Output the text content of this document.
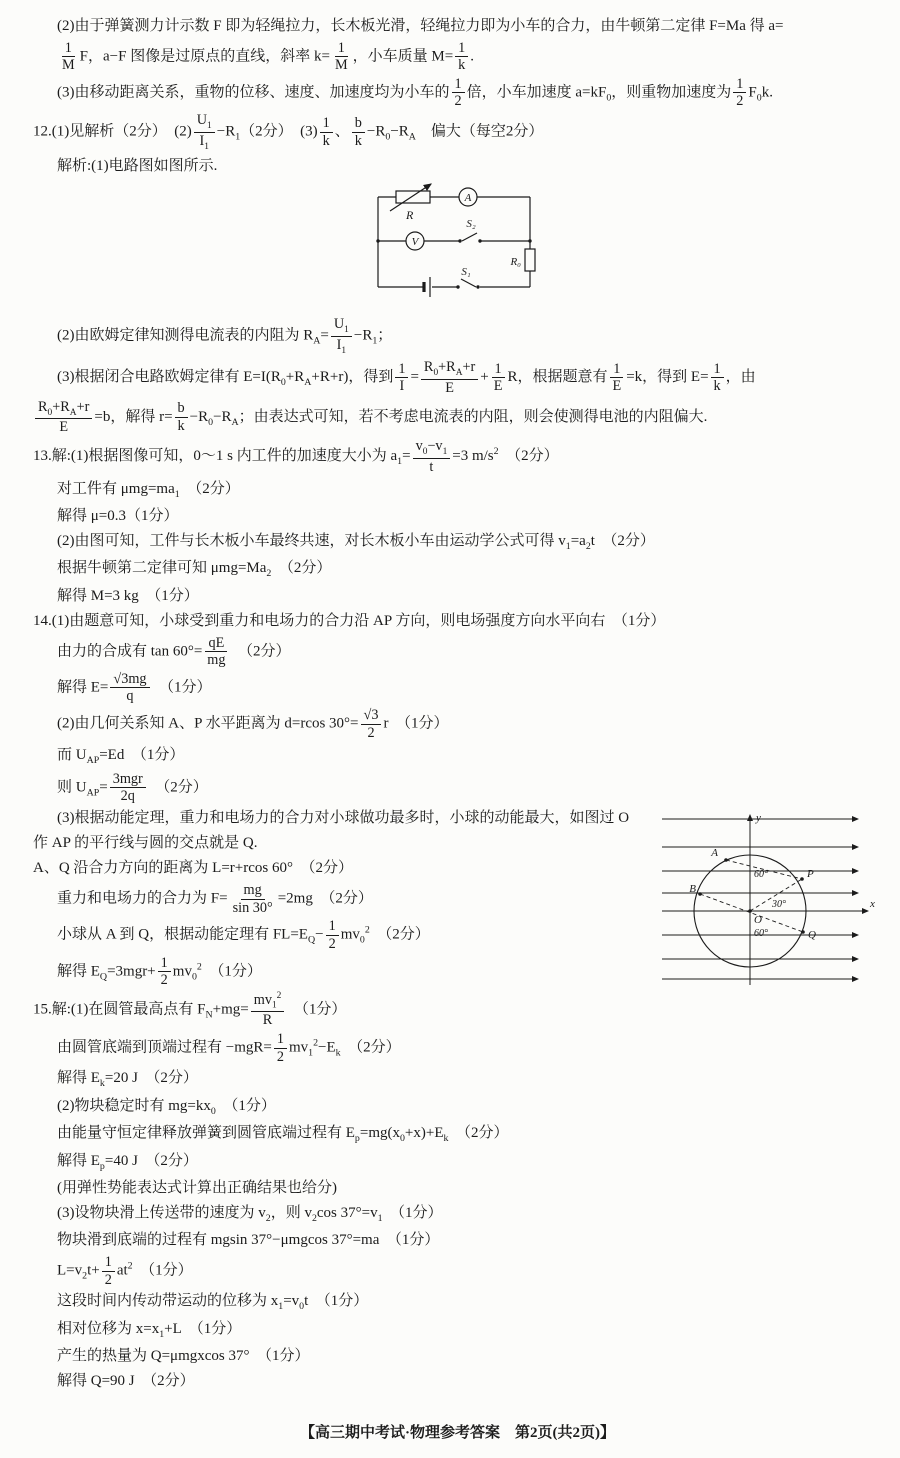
(2)由于弹簧测力计示数 F 即为轻绳拉力，长木板光滑，轻绳拉力即为小车的合力，由牛顿第二定律 F=Ma 得 a=
$\frac{1}{M}$ F，a−F 图像是过原点的直线，斜率 $k= \frac{1}{M}$ ，小车质量 $M= \frac{1}{k}$ .
(3)由移动距离关系，重物的位移、速度、加速度均为小车的 $\frac{1}{2}$ 倍，小车加速度 $a=kF_0$，则重物加速度为 $\frac{1}{2} F_0k$.
12.(1)见解析（2分）　$(2) \frac{U_1}{I_1} -R_1(2$分）　$(3) \frac{1}{k}$ 、 $\frac{b}{k} -R_0-R_A$　偏大（每空2分）
解析:(1)电路图如图所示.
R
A
V
S₂
S₁
R₀
(2)由欧姆定律知测得电流表的内阻为 $R_A= \frac{U_1}{I_1} -R_1$；
(3)根据闭合电路欧姆定律有 $E=I(R_0+R_A+R+r)$，得到 $\frac{1}{I} = \frac{R_0+R_A+r}{E} + \frac{1}{E}$ R，根据题意有 $\frac{1}{E} =k$，得到 $E= \frac{1}{k}$ ，由
$\frac{R_0+R_A+r}{E} =b$，解得 $r= \frac{b}{k} -R_0-R_A$；由表达式可知，若不考虑电流表的内阻，则会使测得电池的内阻偏大.
13.解:(1)根据图像可知，0～1 s 内工件的加速度大小为 $a_1= \frac{v_0-v_1}{t} =3$ $m/s^2$　（2分）
对工件有 $\mu mg=ma_1$　（2分）
解得 μ=0.3（1分）
(2)由图可知，工件与长木板小车最终共速，对长木板小车由运动学公式可得 $v_1=a_2t$　（2分）
根据牛顿第二定律可知 $\mu mg=Ma_2$　（2分）
解得 M=3 kg　（1分）
14.(1)由题意可知，小球受到重力和电场力的合力沿 AP 方向，则电场强度方向水平向右　（1分）
由力的合成有 $\tan 60^\circ= \frac{qE}{mg}$ 　（2分）
解得 $E= \frac{√3mg}{q}$ 　（1分）
(2)由几何关系知 A、P 水平距离为 d=rcos $30^\circ= \frac{√3}{2}$ r　（1分）
而 $U_{AP}=Ed$　（1分）
则 $U_{AP}= \frac{\text{3mgr}}{2q}$ 　（2分）
A
B
O
P
Q
y
x
60°
30°
60°
(3)根据动能定理，重力和电场力的合力对小球做功最多时，小球的动能最大，如图过 O
作 AP 的平行线与圆的交点就是 Q.
A、Q 沿合力方向的距离为 L=r+rcos 60°　（2分）
重力和电场力的合力为 $F= \frac{mg}{\sin 30^\circ} =2mg$　（2分）
小球从 A 到 Q，根据动能定理有 $FL=E_Q- \frac{1}{2} mv_0^2$　（2分）
解得 $E_Q=3mgr+ \frac{1}{2} mv_0^2$　（1分）
15.解:(1)在圆管最高点有 $F_N+mg= \frac{mv_1^2}{R}$ 　（1分）
由圆管底端到顶端过程有 $-mgR= \frac{1}{2} mv_1^2-E_k$　（2分）
解得 $E_k=20$ J　（2分）
(2)物块稳定时有 $mg=kx_0$　（1分）
由能量守恒定律释放弹簧到圆管底端过程有 $E_p=mg(x_0+x)+E_k$　（2分）
解得 $E_p=40$ J　（2分）
(用弹性势能表达式计算出正确结果也给分)
(3)设物块滑上传送带的速度为 $v_2$，则 $v_2\cos$ $37^\circ=v_1$　（1分）
物块滑到底端的过程有 mgsin 37°−μmgcos 37°=ma　（1分）
$L=v_2t+ \frac{1}{2} at^2$　（1分）
这段时间内传动带运动的位移为 $x_1=v_0t$　（1分）
相对位移为 $x=x_1+L$　（1分）
产生的热量为 Q=μmgxcos 37°　（1分）
解得 Q=90 J　（2分）
【高三期中考试·物理参考答案　第2页(共2页)】
